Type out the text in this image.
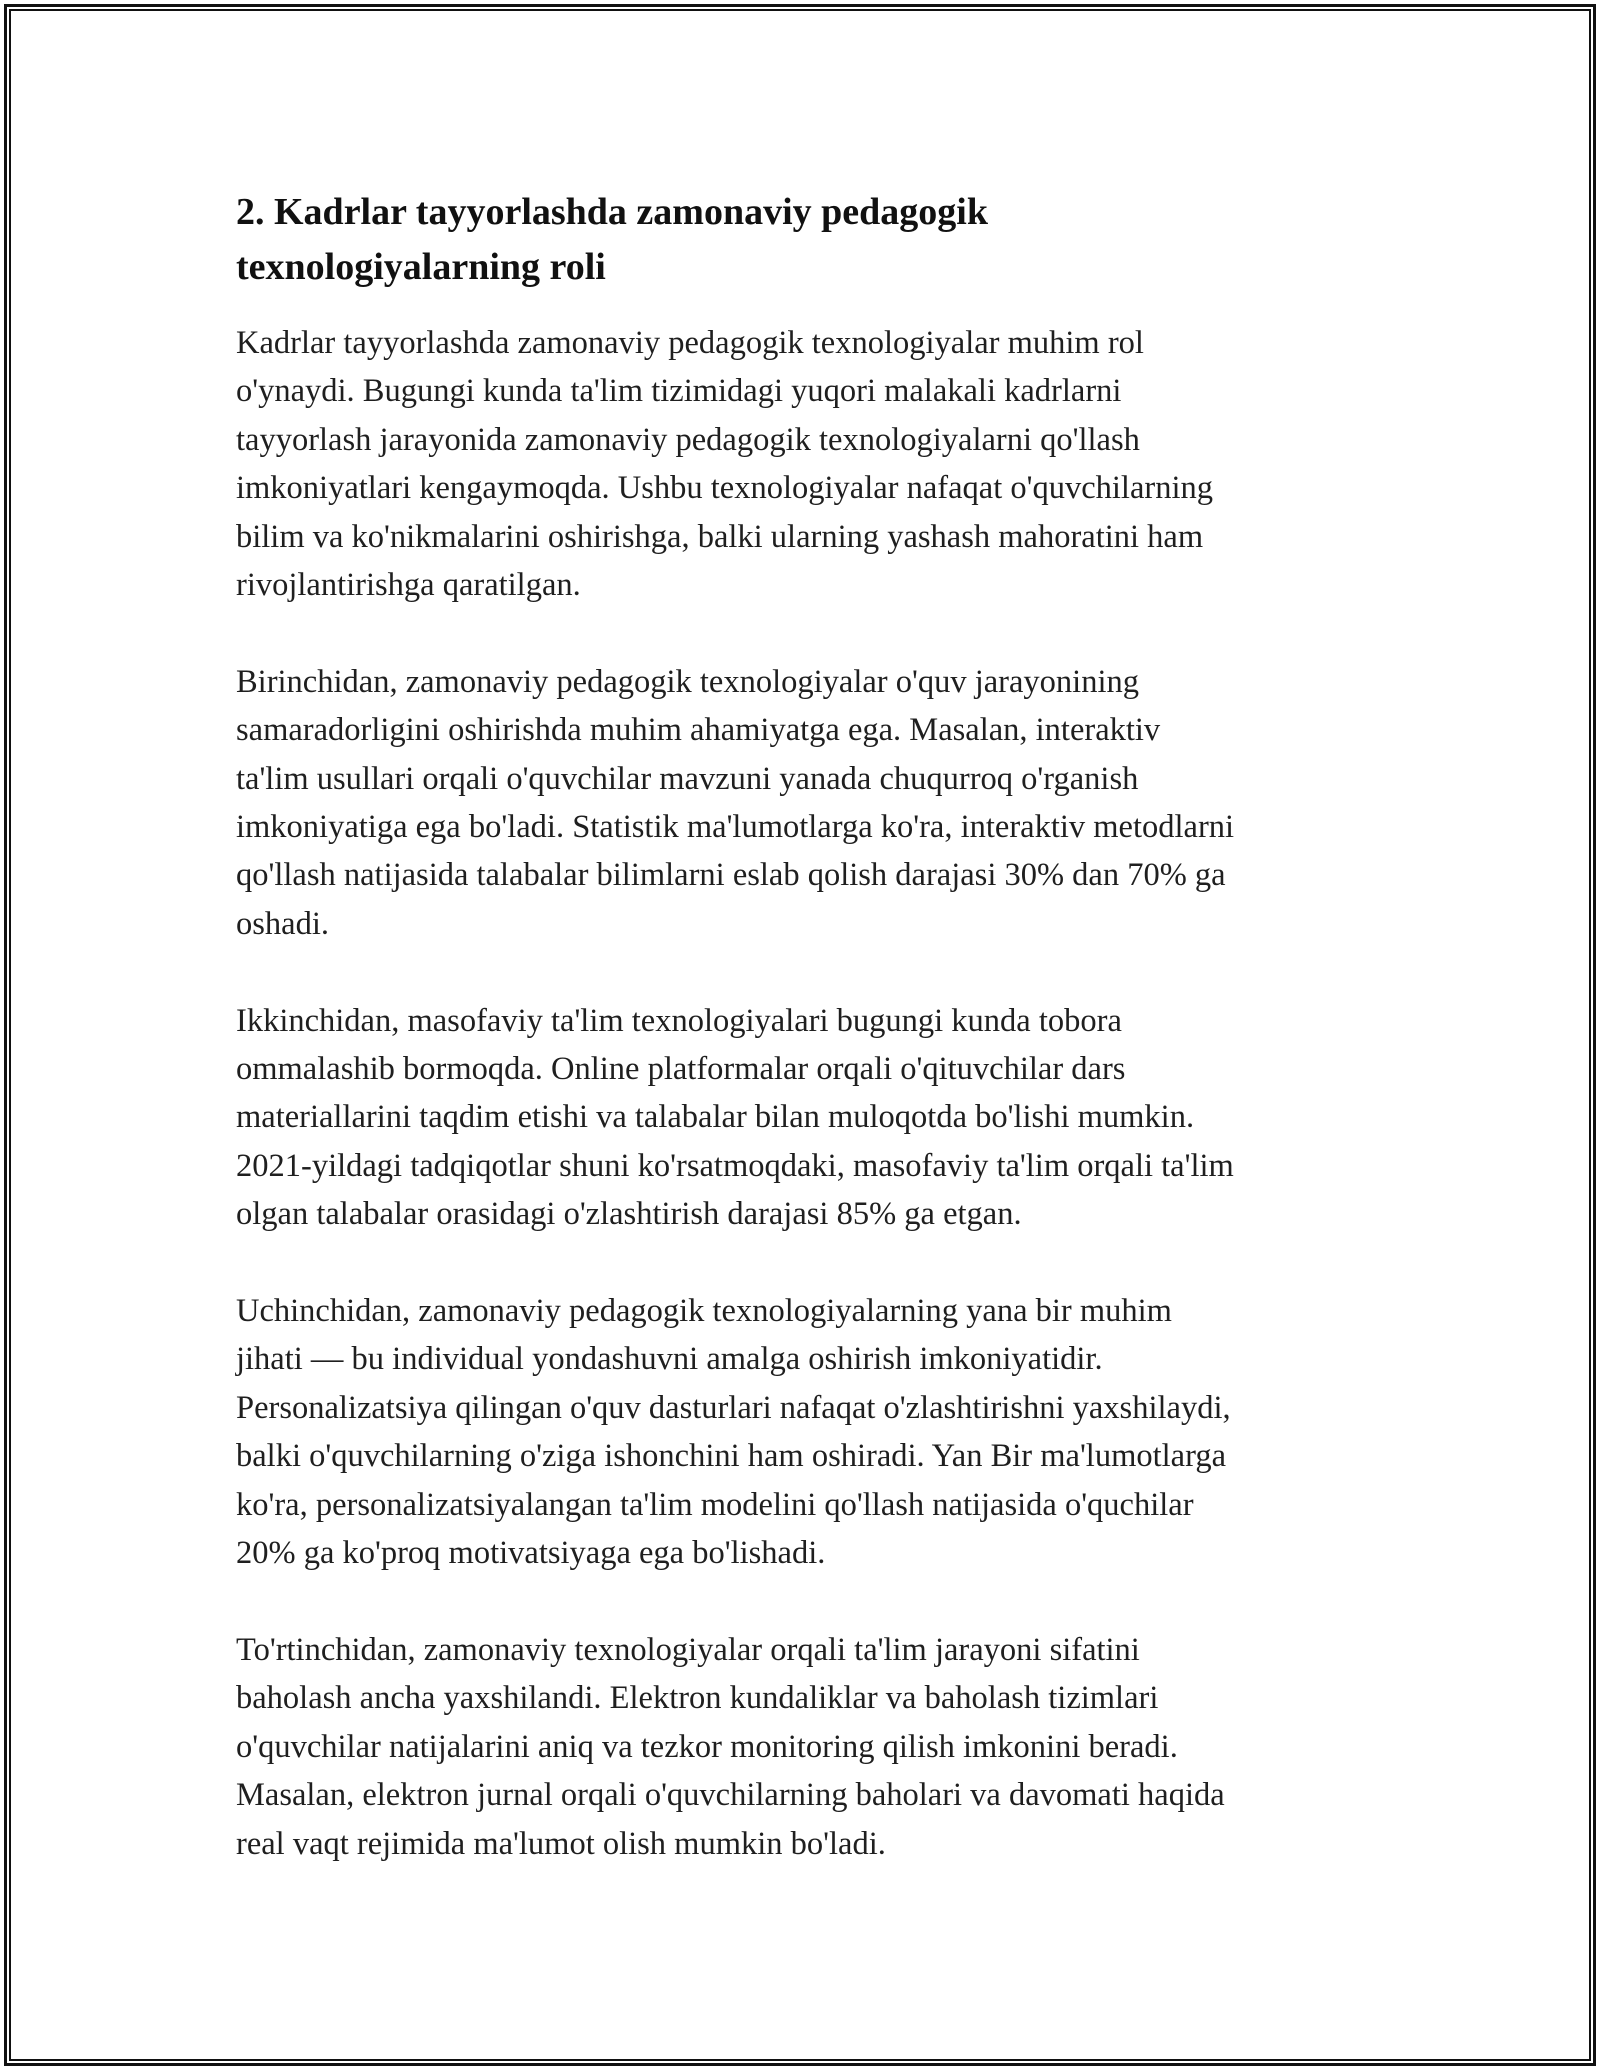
2. Kadrlar tayyorlashda zamonaviy pedagogik
texnologiyalarning roli

Kadrlar tayyorlashda zamonaviy pedagogik texnologiyalar muhim rol
o'ynaydi. Bugungi kunda ta'lim tizimidagi yuqori malakali kadrlarni
tayyorlash jarayonida zamonaviy pedagogik texnologiyalarni qo'llash
imkoniyatlari kengaymoqda. Ushbu texnologiyalar nafaqat o'quvchilarning
bilim va ko'nikmalarini oshirishga, balki ularning yashash mahoratini ham
rivojlantirishga qaratilgan.

Birinchidan, zamonaviy pedagogik texnologiyalar o'quv jarayonining
samaradorligini oshirishda muhim ahamiyatga ega. Masalan, interaktiv
ta'lim usullari orqali o'quvchilar mavzuni yanada chuqurroq o'rganish
imkoniyatiga ega bo'ladi. Statistik ma'lumotlarga ko'ra, interaktiv metodlarni
qo'llash natijasida talabalar bilimlarni eslab qolish darajasi 30% dan 70% ga
oshadi.

Ikkinchidan, masofaviy ta'lim texnologiyalari bugungi kunda tobora
ommalashib bormoqda. Online platformalar orqali o'qituvchilar dars
materiallarini taqdim etishi va talabalar bilan muloqotda bo'lishi mumkin.
2021-yildagi tadqiqotlar shuni ko'rsatmoqdaki, masofaviy ta'lim orqali ta'lim
olgan talabalar orasidagi o'zlashtirish darajasi 85% ga etgan.

Uchinchidan, zamonaviy pedagogik texnologiyalarning yana bir muhim
jihati — bu individual yondashuvni amalga oshirish imkoniyatidir.
Personalizatsiya qilingan o'quv dasturlari nafaqat o'zlashtirishni yaxshilaydi,
balki o'quvchilarning o'ziga ishonchini ham oshiradi. Yan Bir ma'lumotlarga
ko'ra, personalizatsiyalangan ta'lim modelini qo'llash natijasida o'quchilar
20% ga ko'proq motivatsiyaga ega bo'lishadi.

To'rtinchidan, zamonaviy texnologiyalar orqali ta'lim jarayoni sifatini
baholash ancha yaxshilandi. Elektron kundaliklar va baholash tizimlari
o'quvchilar natijalarini aniq va tezkor monitoring qilish imkonini beradi.
Masalan, elektron jurnal orqali o'quvchilarning baholari va davomati haqida
real vaqt rejimida ma'lumot olish mumkin bo'ladi.
